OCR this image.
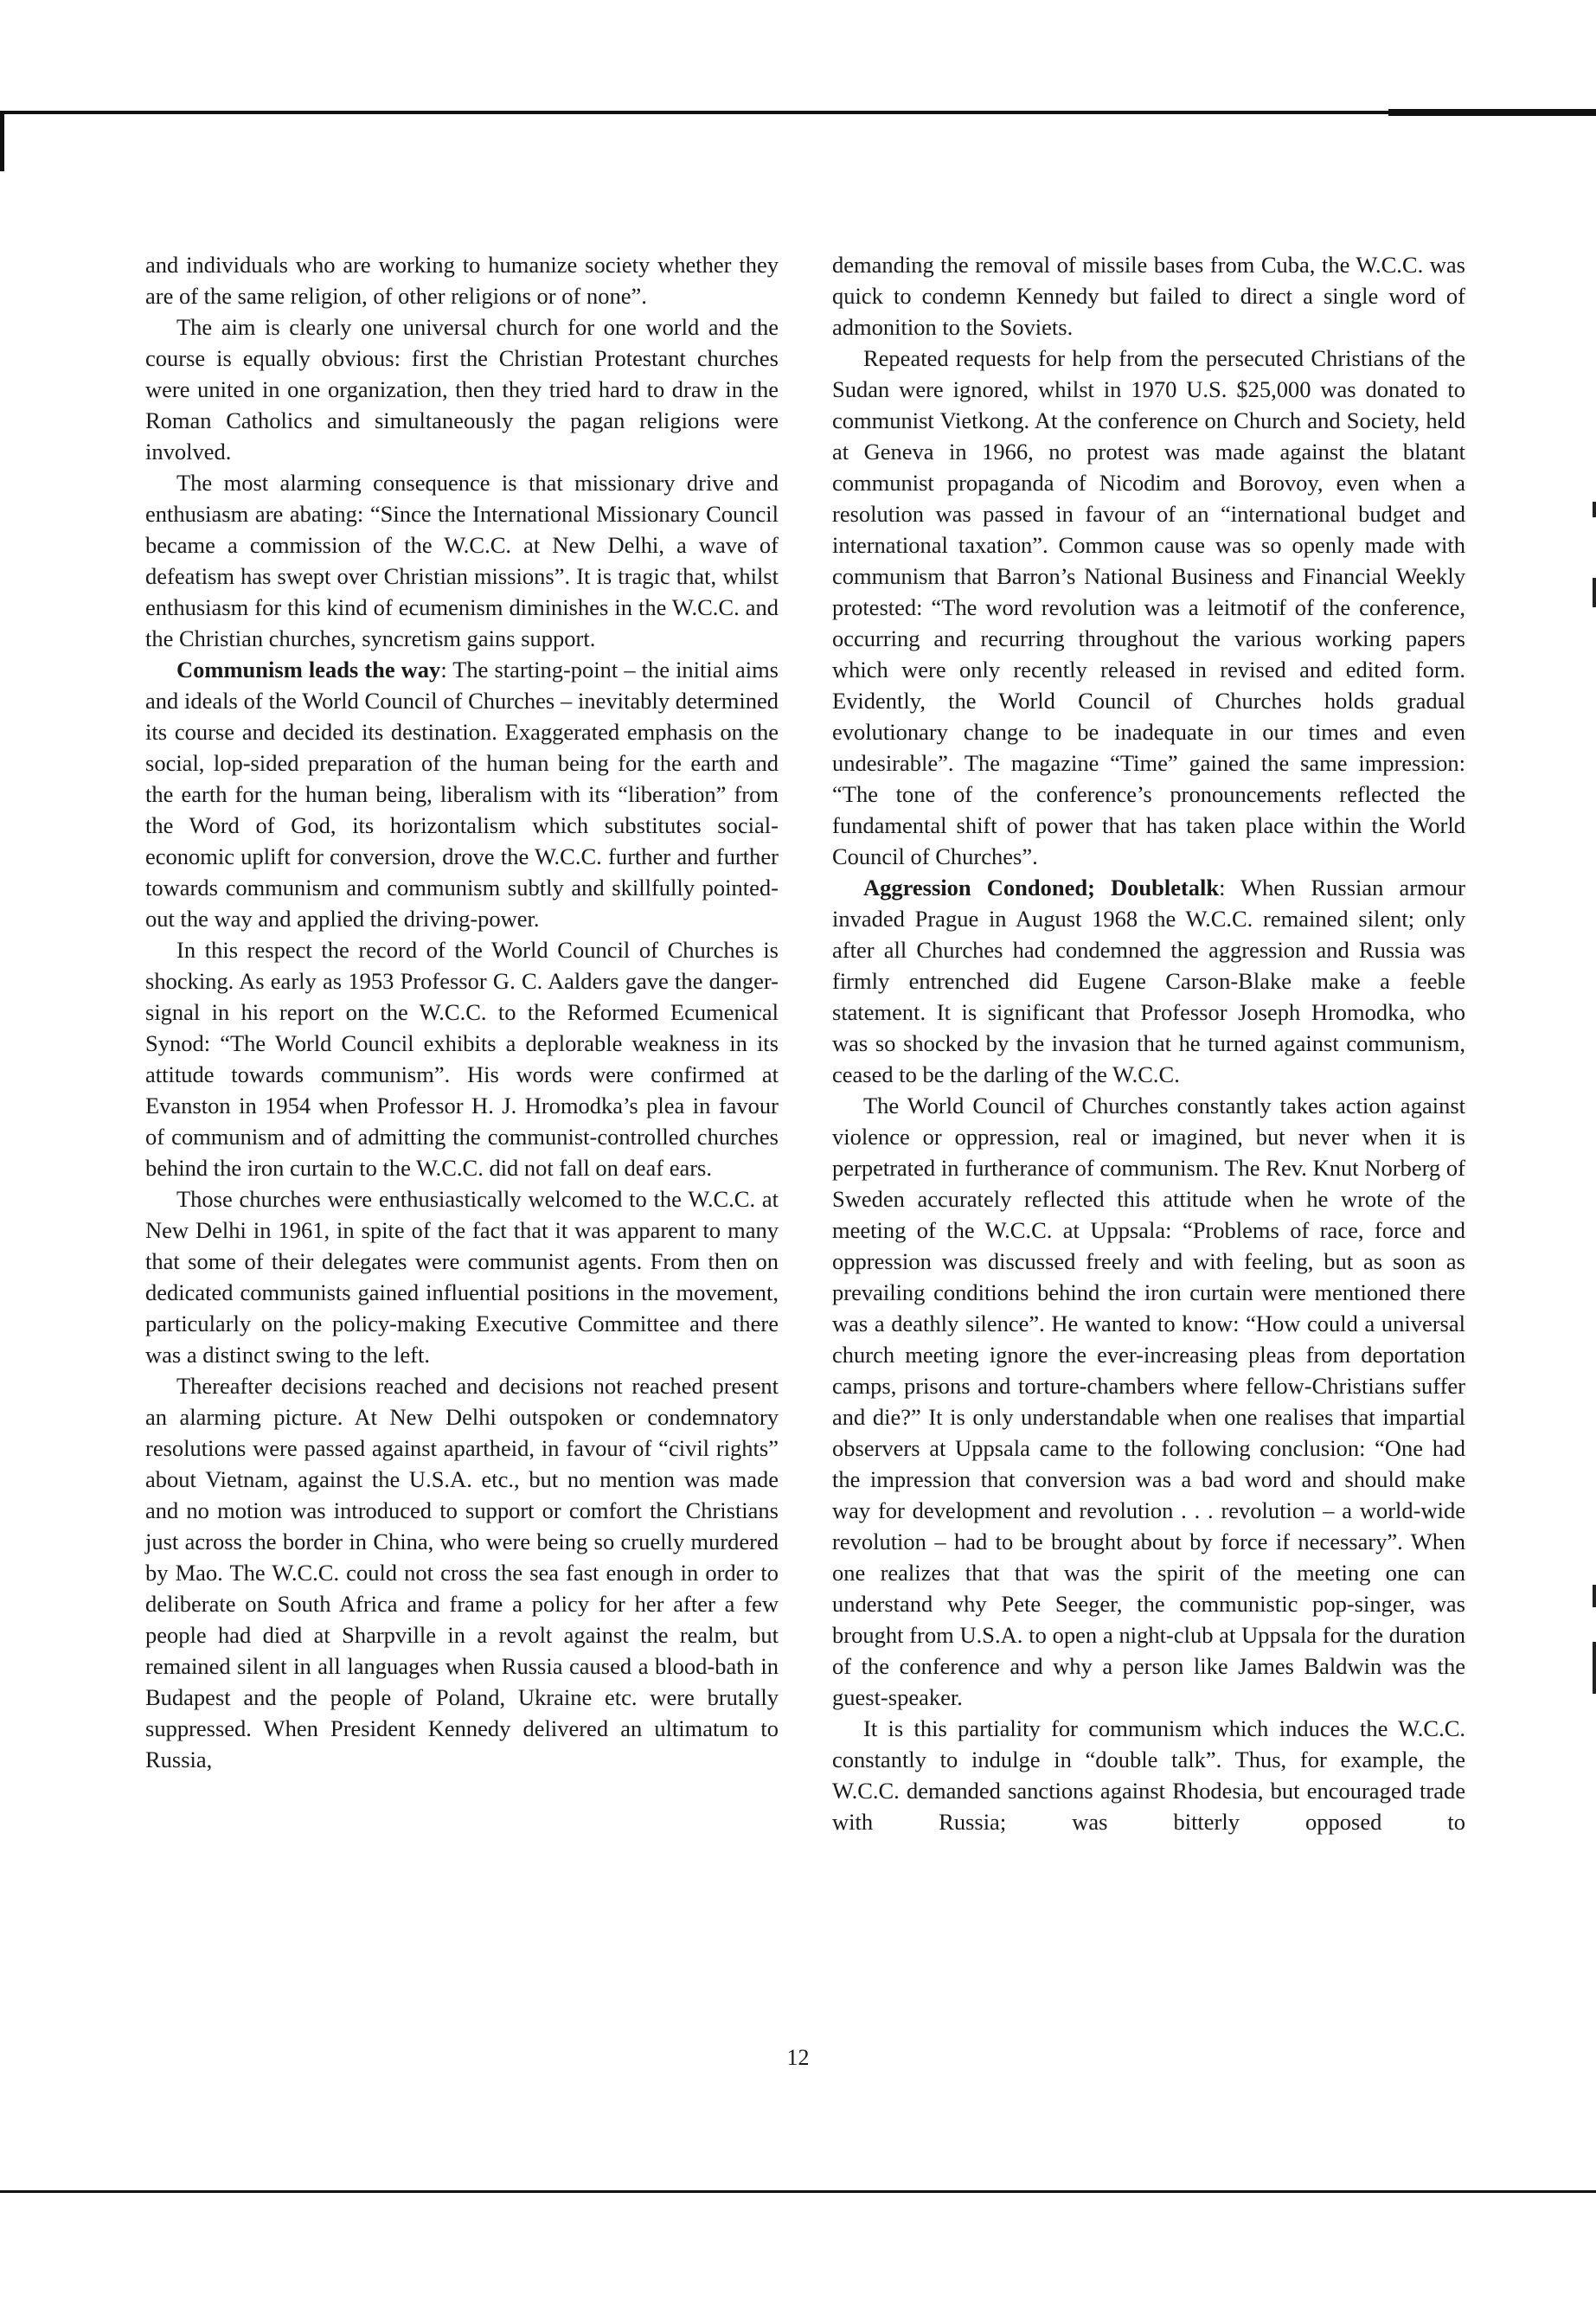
and individuals who are working to humanize society whether they are of the same religion, of other religions or of none”.

The aim is clearly one universal church for one world and the course is equally obvious: first the Christian Protestant churches were united in one organization, then they tried hard to draw in the Roman Catholics and simultaneously the pagan religions were involved.

The most alarming consequence is that missionary drive and enthusiasm are abating: “Since the International Missionary Council became a commission of the W.C.C. at New Delhi, a wave of defeatism has swept over Christian missions”. It is tragic that, whilst enthusiasm for this kind of ecumenism diminishes in the W.C.C. and the Christian churches, syncretism gains support.

Communism leads the way: The starting-point – the initial aims and ideals of the World Council of Churches – inevitably determined its course and decided its destination. Exaggerated emphasis on the social, lop-sided preparation of the human being for the earth and the earth for the human being, liberalism with its “liberation” from the Word of God, its horizontalism which substitutes social-economic uplift for conversion, drove the W.C.C. further and further towards communism and communism subtly and skillfully pointed-out the way and applied the driving-power.

In this respect the record of the World Council of Churches is shocking. As early as 1953 Professor G. C. Aalders gave the danger-signal in his report on the W.C.C. to the Reformed Ecumenical Synod: “The World Council exhibits a deplorable weakness in its attitude towards communism”. His words were confirmed at Evanston in 1954 when Professor H. J. Hromodka’s plea in favour of communism and of admitting the communist-controlled churches behind the iron curtain to the W.C.C. did not fall on deaf ears.

Those churches were enthusiastically welcomed to the W.C.C. at New Delhi in 1961, in spite of the fact that it was apparent to many that some of their delegates were communist agents. From then on dedicated communists gained influential positions in the movement, particularly on the policy-making Executive Committee and there was a distinct swing to the left.

Thereafter decisions reached and decisions not reached present an alarming picture. At New Delhi outspoken or condemnatory resolutions were passed against apartheid, in favour of “civil rights” about Vietnam, against the U.S.A. etc., but no mention was made and no motion was introduced to support or comfort the Christians just across the border in China, who were being so cruelly murdered by Mao. The W.C.C. could not cross the sea fast enough in order to deliberate on South Africa and frame a policy for her after a few people had died at Sharpville in a revolt against the realm, but remained silent in all languages when Russia caused a blood-bath in Budapest and the people of Poland, Ukraine etc. were brutally suppressed. When President Kennedy delivered an ultimatum to Russia,

demanding the removal of missile bases from Cuba, the W.C.C. was quick to condemn Kennedy but failed to direct a single word of admonition to the Soviets.

Repeated requests for help from the persecuted Christians of the Sudan were ignored, whilst in 1970 U.S. $25,000 was donated to communist Vietkong. At the conference on Church and Society, held at Geneva in 1966, no protest was made against the blatant communist propaganda of Nicodim and Borovoy, even when a resolution was passed in favour of an “international budget and international taxation”. Common cause was so openly made with communism that Barron’s National Business and Financial Weekly protested: “The word revolution was a leitmotif of the conference, occurring and recurring throughout the various working papers which were only recently released in revised and edited form. Evidently, the World Council of Churches holds gradual evolutionary change to be inadequate in our times and even undesirable”. The magazine “Time” gained the same impression: “The tone of the conference’s pronouncements reflected the fundamental shift of power that has taken place within the World Council of Churches”.

Aggression Condoned; Doubletalk: When Russian armour invaded Prague in August 1968 the W.C.C. remained silent; only after all Churches had condemned the aggression and Russia was firmly entrenched did Eugene Carson-Blake make a feeble statement. It is significant that Professor Joseph Hromodka, who was so shocked by the invasion that he turned against communism, ceased to be the darling of the W.C.C.

The World Council of Churches constantly takes action against violence or oppression, real or imagined, but never when it is perpetrated in furtherance of communism. The Rev. Knut Norberg of Sweden accurately reflected this attitude when he wrote of the meeting of the W.C.C. at Uppsala: “Problems of race, force and oppression was discussed freely and with feeling, but as soon as prevailing conditions behind the iron curtain were mentioned there was a deathly silence”. He wanted to know: “How could a universal church meeting ignore the ever-increasing pleas from deportation camps, prisons and torture-chambers where fellow-Christians suffer and die?” It is only understandable when one realises that impartial observers at Uppsala came to the following conclusion: “One had the impression that conversion was a bad word and should make way for development and revolution . . . revolution – a world-wide revolution – had to be brought about by force if necessary”. When one realizes that that was the spirit of the meeting one can understand why Pete Seeger, the communistic pop-singer, was brought from U.S.A. to open a night-club at Uppsala for the duration of the conference and why a person like James Baldwin was the guest-speaker.

It is this partiality for communism which induces the W.C.C. constantly to indulge in “double talk”. Thus, for example, the W.C.C. demanded sanctions against Rhodesia, but encouraged trade with Russia; was bitterly opposed to

12
